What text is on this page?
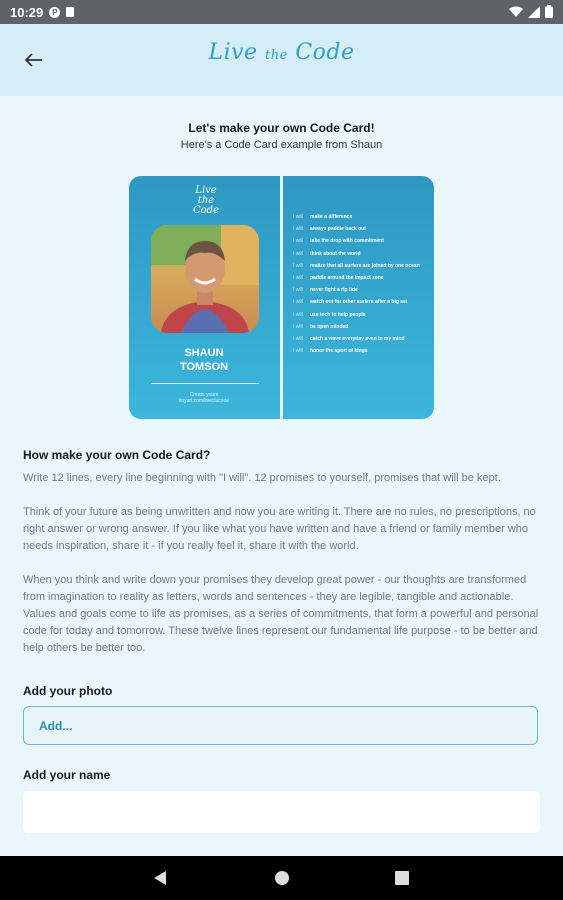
10:29	P
Live the Code
Let's make your own Code Card!
Here's a Code Card example from Shaun
Live
the
Code
SHAUN
TOMSON
Create yours
tinyurl.com/liveclucode
I will	make a difference
I will	always paddle back out
I will	take the drop with commitment
I will	think about the world
I will	realize that all surfers are joined by one ocean
I will	paddle around the impact zone
I will	never fight a rip tide
I will	watch out for other surfers after a big set
I will	use tech to help people
I will	be open minded
I will	catch a wave everyday even in my mind
I will	honor the sport of kings
How make your own Code Card?
Write 12 lines, every line beginning with "I will". 12 promises to yourself, promises that will be kept.
Think of your future as being unwritten and now you are writing it. There are no rules, no prescriptions, no right answer or wrong answer. If you like what you have written and have a friend or family member who needs inspiration, share it - if you really feel it, share it with the world.
When you think and write down your promises they develop great power - our thoughts are transformed from imagination to reality as letters, words and sentences - they are legible, tangible and actionable. Values and goals come to life as promises, as a series of commitments, that form a powerful and personal code for today and tomorrow. These twelve lines represent our fundamental life purpose - to be better and help others be better too.
Add your photo
Add...
Add your name
